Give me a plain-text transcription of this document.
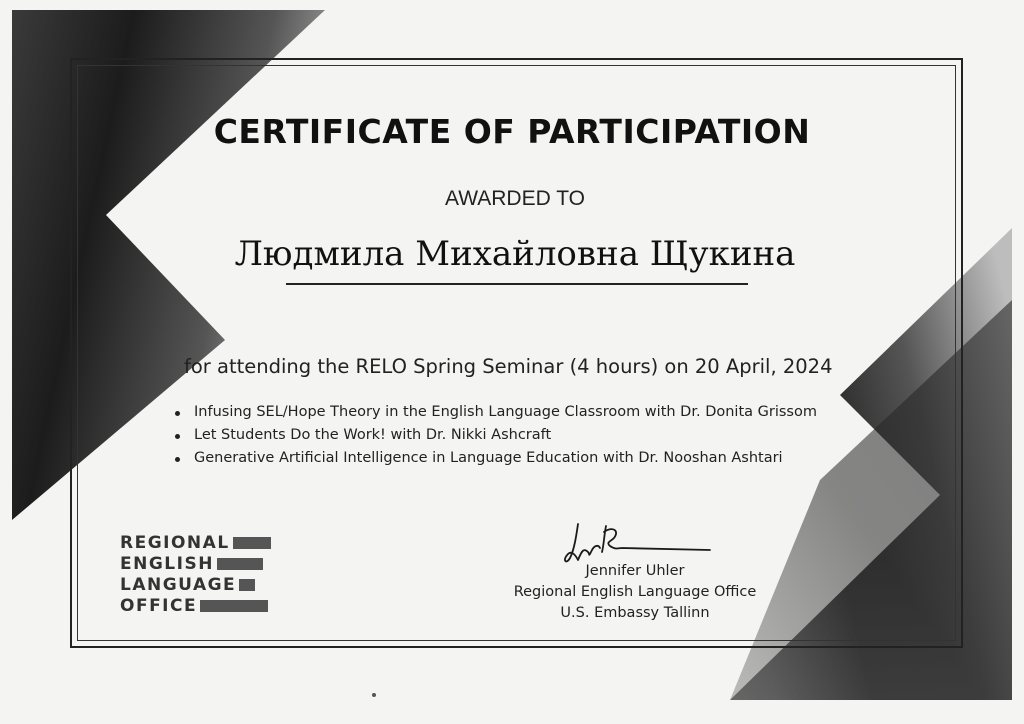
CERTIFICATE OF PARTICIPATION
AWARDED TO
Людмила Михайловна Щукина
for attending the RELO Spring Seminar (4 hours) on 20 April, 2024
Infusing SEL/Hope Theory in the English Language Classroom with Dr. Donita Grissom
Let Students Do the Work! with Dr. Nikki Ashcraft
Generative Artificial Intelligence in Language Education with Dr. Nooshan Ashtari
REGIONAL
ENGLISH
LANGUAGE
OFFICE
Jennifer Uhler
Regional English Language Office
U.S. Embassy Tallinn
